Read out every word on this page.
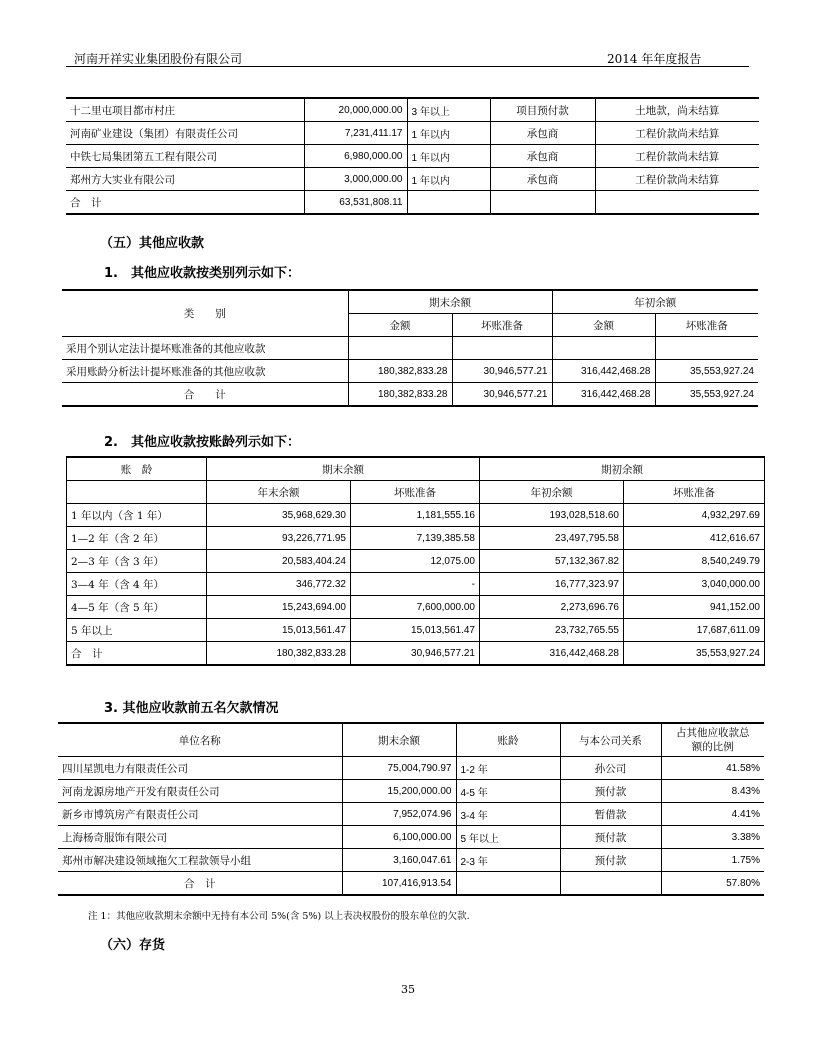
河南开祥实业集团股份有限公司	2014 年年度报告
十二里屯项目都市村庄	20,000,000.00	3 年以上	项目预付款	土地款，尚未结算
河南矿业建设（集团）有限责任公司	7,231,411.17	1 年以内	承包商	工程价款尚未结算
中铁七局集团第五工程有限公司	6,980,000.00	1 年以内	承包商	工程价款尚未结算
郑州方大实业有限公司	3,000,000.00	1 年以内	承包商	工程价款尚未结算
合　计	63,531,808.11			
（五）其他应收款
1.　其他应收款按类别列示如下：
类　　别	期末余额		年初余额	
	金额	坏账准备	金额	坏账准备
采用个别认定法计提坏账准备的其他应收款				
采用账龄分析法计提坏账准备的其他应收款	180,382,833.28	30,946,577.21	316,442,468.28	35,553,927.24
合　　计	180,382,833.28	30,946,577.21	316,442,468.28	35,553,927.24
2.　其他应收款按账龄列示如下：
账　龄	期末余额		期初余额	
	年末余额	坏账准备	年初余额	坏账准备
1 年以内（含 1 年）	35,968,629.30	1,181,555.16	193,028,518.60	4,932,297.69
1—2 年（含 2 年）	93,226,771.95	7,139,385.58	23,497,795.58	412,616.67
2—3 年（含 3 年）	20,583,404.24	12,075.00	57,132,367.82	8,540,249.79
3—4 年（含 4 年）	346,772.32	-	16,777,323.97	3,040,000.00
4—5 年（含 5 年）	15,243,694.00	7,600,000.00	2,273,696.76	941,152.00
5 年以上	15,013,561.47	15,013,561.47	23,732,765.55	17,687,611.09
合　计	180,382,833.28	30,946,577.21	316,442,468.28	35,553,927.24
3. 其他应收款前五名欠款情况
单位名称	期末余额	账龄	与本公司关系	占其他应收款总
额的比例

四川星凯电力有限责任公司	75,004,790.97	1-2 年	孙公司	41.58%
河南龙源房地产开发有限责任公司	15,200,000.00	4-5 年	预付款	8.43%
新乡市博筑房产有限责任公司	7,952,074.96	3-4 年	暂借款	4.41%
上海杨奇服饰有限公司	6,100,000.00	5 年以上	预付款	3.38%
郑州市解决建设领域拖欠工程款领导小组	3,160,047.61	2-3 年	预付款	1.75%
合　计	107,416,913.54			57.80%
注 1：其他应收款期末余额中无持有本公司 5%(含 5%) 以上表决权股份的股东单位的欠款.
（六）存货
35
